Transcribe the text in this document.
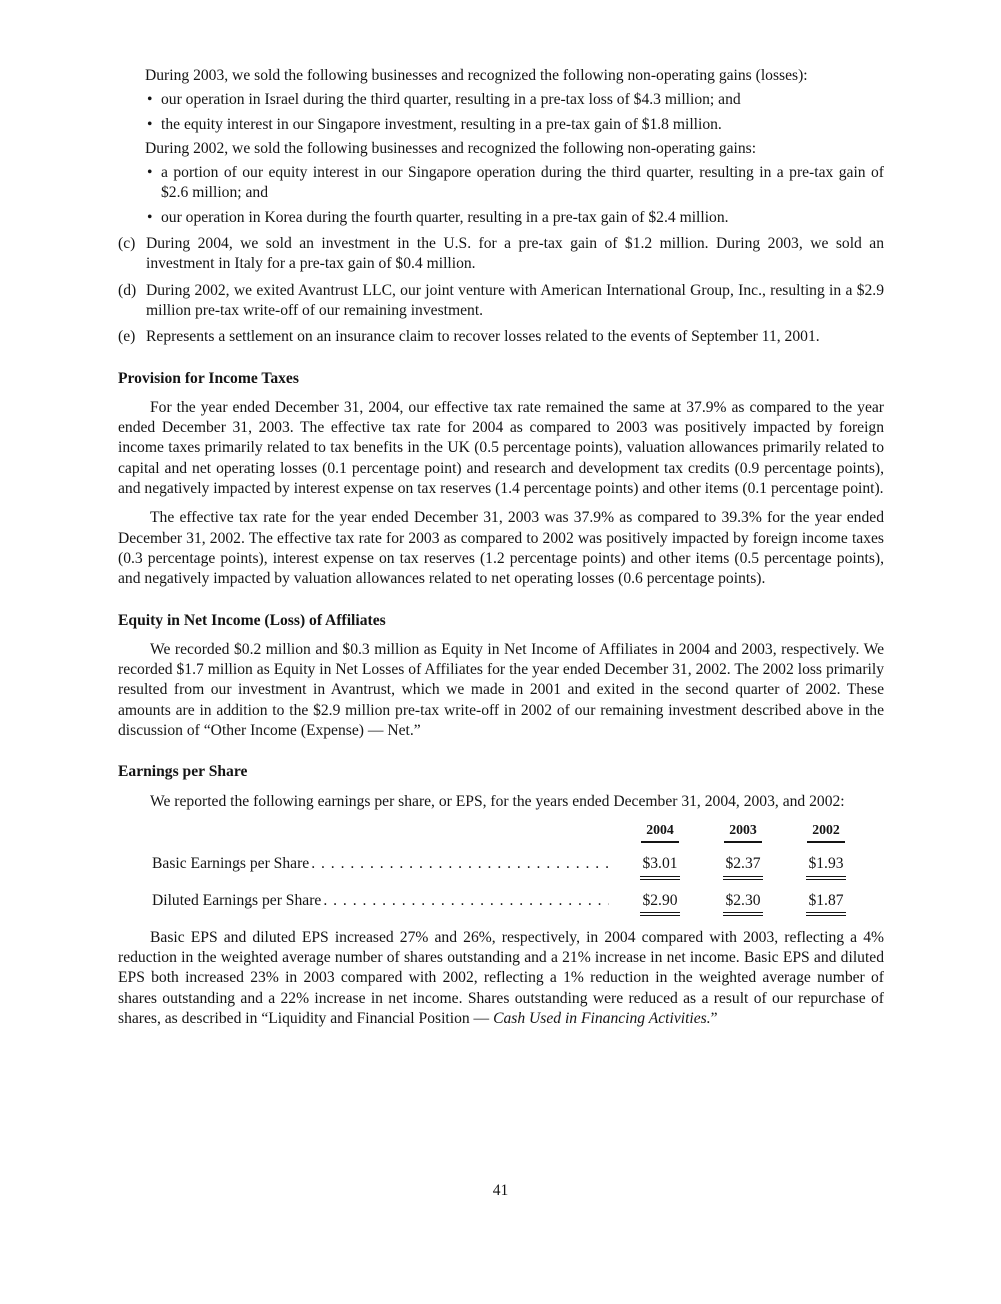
During 2003, we sold the following businesses and recognized the following non-operating gains (losses):

• our operation in Israel during the third quarter, resulting in a pre-tax loss of $4.3 million; and
• the equity interest in our Singapore investment, resulting in a pre-tax gain of $1.8 million.

During 2002, we sold the following businesses and recognized the following non-operating gains:

• a portion of our equity interest in our Singapore operation during the third quarter, resulting in a pre-tax gain of $2.6 million; and
• our operation in Korea during the fourth quarter, resulting in a pre-tax gain of $2.4 million.
(c) During 2004, we sold an investment in the U.S. for a pre-tax gain of $1.2 million. During 2003, we sold an investment in Italy for a pre-tax gain of $0.4 million.
(d) During 2002, we exited Avantrust LLC, our joint venture with American International Group, Inc., resulting in a $2.9 million pre-tax write-off of our remaining investment.
(e) Represents a settlement on an insurance claim to recover losses related to the events of September 11, 2001.

Provision for Income Taxes

For the year ended December 31, 2004, our effective tax rate remained the same at 37.9% as compared to the year ended December 31, 2003. The effective tax rate for 2004 as compared to 2003 was positively impacted by foreign income taxes primarily related to tax benefits in the UK (0.5 percentage points), valuation allowances primarily related to capital and net operating losses (0.1 percentage point) and research and development tax credits (0.9 percentage points), and negatively impacted by interest expense on tax reserves (1.4 percentage points) and other items (0.1 percentage point).

The effective tax rate for the year ended December 31, 2003 was 37.9% as compared to 39.3% for the year ended December 31, 2002. The effective tax rate for 2003 as compared to 2002 was positively impacted by foreign income taxes (0.3 percentage points), interest expense on tax reserves (1.2 percentage points) and other items (0.5 percentage points), and negatively impacted by valuation allowances related to net operating losses (0.6 percentage points).

Equity in Net Income (Loss) of Affiliates

We recorded $0.2 million and $0.3 million as Equity in Net Income of Affiliates in 2004 and 2003, respectively. We recorded $1.7 million as Equity in Net Losses of Affiliates for the year ended December 31, 2002. The 2002 loss primarily resulted from our investment in Avantrust, which we made in 2001 and exited in the second quarter of 2002. These amounts are in addition to the $2.9 million pre-tax write-off in 2002 of our remaining investment described above in the discussion of “Other Income (Expense) — Net.”

Earnings per Share

We reported the following earnings per share, or EPS, for the years ended December 31, 2004, 2003, and 2002:

2004	2003	2002
Basic Earnings per Share . . .	$3.01	$2.37	$1.93
Diluted Earnings per Share . . .	$2.90	$2.30	$1.87

Basic EPS and diluted EPS increased 27% and 26%, respectively, in 2004 compared with 2003, reflecting a 4% reduction in the weighted average number of shares outstanding and a 21% increase in net income. Basic EPS and diluted EPS both increased 23% in 2003 compared with 2002, reflecting a 1% reduction in the weighted average number of shares outstanding and a 22% increase in net income. Shares outstanding were reduced as a result of our repurchase of shares, as described in “Liquidity and Financial Position — Cash Used in Financing Activities.”

41
